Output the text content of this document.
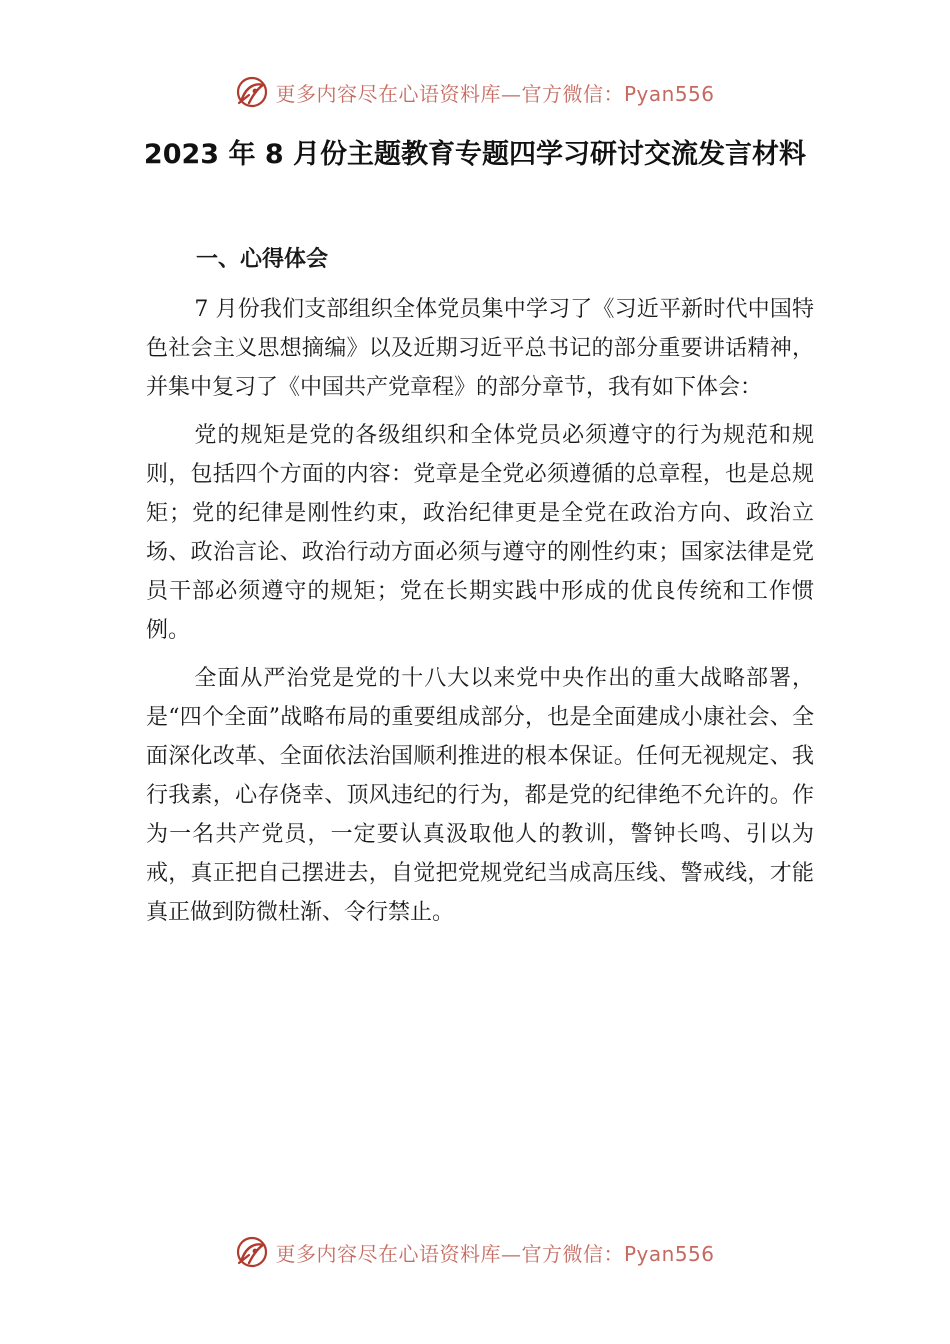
更多内容尽在心语资料库—官方微信：Pyan556
2023 年 8 月份主题教育专题四学习研讨交流发言材料

一、心得体会

7 月份我们支部组织全体党员集中学习了《习近平新时代中国特色社会主义思想摘编》以及近期习近平总书记的部分重要讲话精神，并集中复习了《中国共产党章程》的部分章节，我有如下体会：

党的规矩是党的各级组织和全体党员必须遵守的行为规范和规则，包括四个方面的内容：党章是全党必须遵循的总章程，也是总规矩；党的纪律是刚性约束，政治纪律更是全党在政治方向、政治立场、政治言论、政治行动方面必须与遵守的刚性约束；国家法律是党员干部必须遵守的规矩；党在长期实践中形成的优良传统和工作惯例。

全面从严治党是党的十八大以来党中央作出的重大战略部署，是“四个全面”战略布局的重要组成部分，也是全面建成小康社会、全面深化改革、全面依法治国顺利推进的根本保证。任何无视规定、我行我素，心存侥幸、顶风违纪的行为，都是党的纪律绝不允许的。作为一名共产党员，一定要认真汲取他人的教训，警钟长鸣、引以为戒，真正把自己摆进去，自觉把党规党纪当成高压线、警戒线，才能真正做到防微杜渐、令行禁止。

更多内容尽在心语资料库—官方微信：Pyan556
